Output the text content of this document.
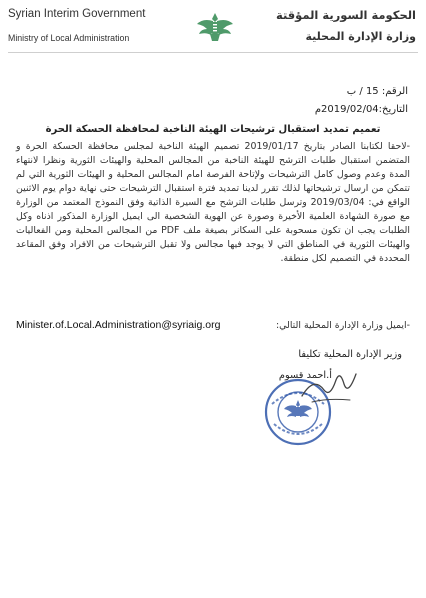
Syrian Interim Government
Ministry of Local Administration
الحكومة السورية المؤقتة
وزارة الإدارة المحلية
الرقم: 15 / ب
التاريخ:2019/02/04م
تعميم تمديد استقبال ترشيحات الهيئة الناخبة لمحافظة الحسكة الحرة
-لاحقا لكتابنا الصادر بتاريخ 2019/01/17 تصميم الهيئة الناخبة لمجلس محافظة الحسكة الحرة و المتضمن استقبال طلبات الترشح للهيئة الناخبة من المجالس المحلية والهيئات الثورية ونظرا لانتهاء المدة وعدم وصول كامل الترشيحات ولإتاحة الفرصة امام المجالس المحلية و الهيئات الثورية التي لم تتمكن من ارسال ترشيحاتها لذلك تقرر لدينا تمديد فترة استقبال الترشيحات حتى نهاية دوام يوم الاثنين الواقع في: 2019/03/04 وترسل طلبات الترشح مع السيرة الذاتية وفق النموذج المعتمد من الوزارة مع صورة الشهادة العلمية الأخيرة وصورة عن الهوية الشخصية الى ايميل الوزارة المذكور اذناه وكل الطلبات يجب ان تكون مسحوبة على السكانر بصيغة ملف PDF من المجالس المحلية ومن الفعاليات والهيئات الثورية في المناطق التي لا يوجد فيها مجالس ولا تقبل الترشيحات من الافراد وفق المقاعد المحددة في التصميم لكل منطقة.
-ايميل وزارة الإدارة المحلية التالي:
Minister.of.Local.Administration@syriaig.org
وزير الإدارة المحلية تكليفا
أ.احمد قسوم
